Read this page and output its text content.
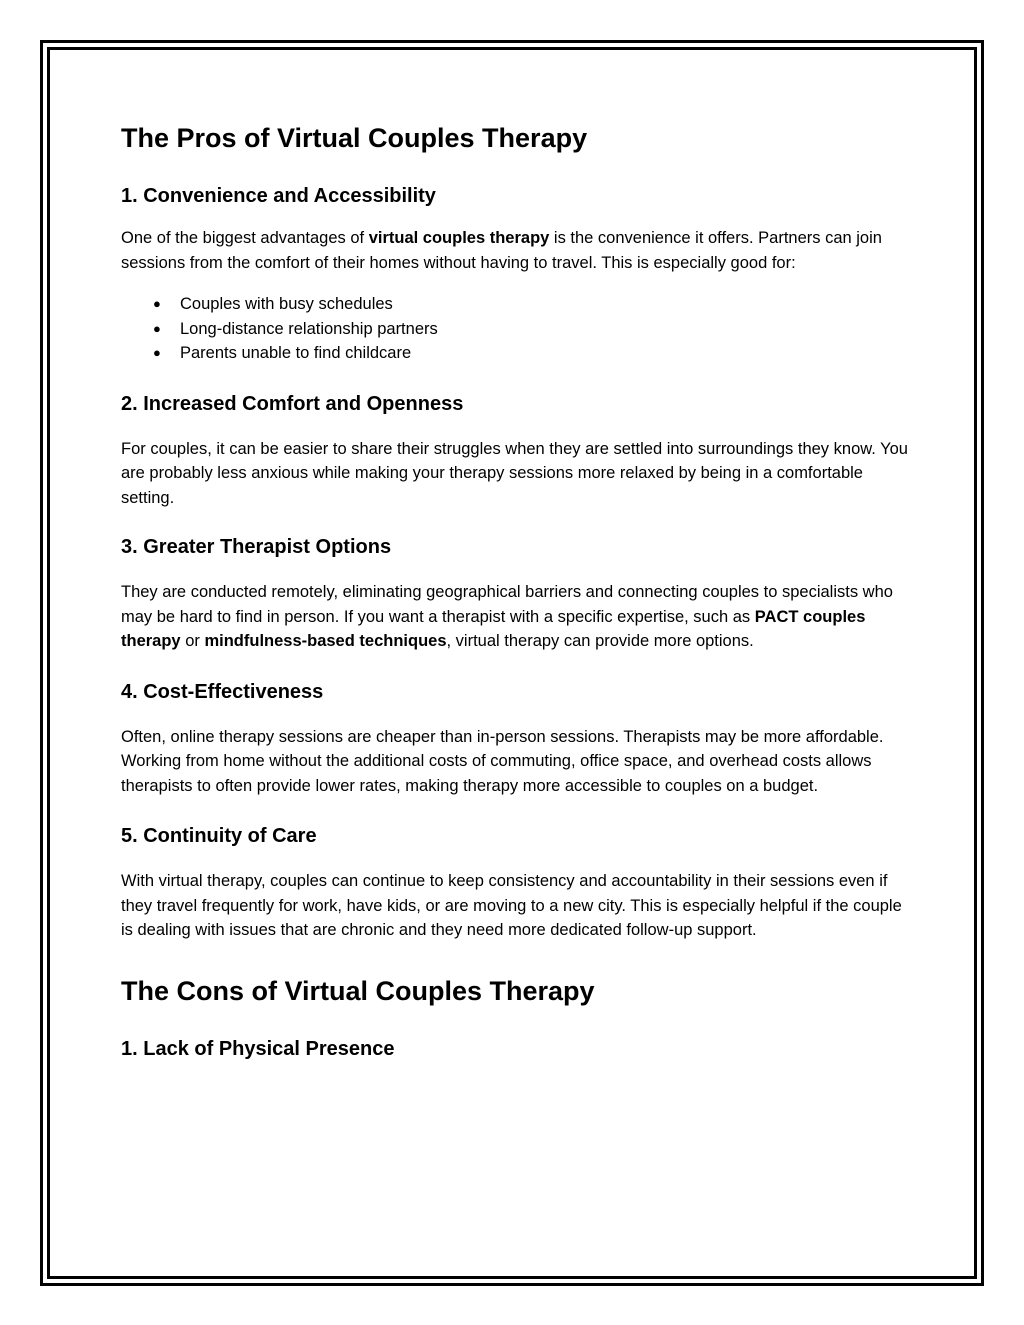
The Pros of Virtual Couples Therapy
1. Convenience and Accessibility

One of the biggest advantages of virtual couples therapy is the convenience it offers. Partners can join sessions from the comfort of their homes without having to travel. This is especially good for:

● Couples with busy schedules
● Long-distance relationship partners
● Parents unable to find childcare
2. Increased Comfort and Openness

For couples, it can be easier to share their struggles when they are settled into surroundings they know. You are probably less anxious while making your therapy sessions more relaxed by being in a comfortable setting.

3. Greater Therapist Options

They are conducted remotely, eliminating geographical barriers and connecting couples to specialists who may be hard to find in person. If you want a therapist with a specific expertise, such as PACT couples therapy or mindfulness-based techniques, virtual therapy can provide more options.

4. Cost-Effectiveness

Often, online therapy sessions are cheaper than in-person sessions. Therapists may be more affordable. Working from home without the additional costs of commuting, office space, and overhead costs allows therapists to often provide lower rates, making therapy more accessible to couples on a budget.

5. Continuity of Care

With virtual therapy, couples can continue to keep consistency and accountability in their sessions even if they travel frequently for work, have kids, or are moving to a new city. This is especially helpful if the couple is dealing with issues that are chronic and they need more dedicated follow-up support.

The Cons of Virtual Couples Therapy
1. Lack of Physical Presence
